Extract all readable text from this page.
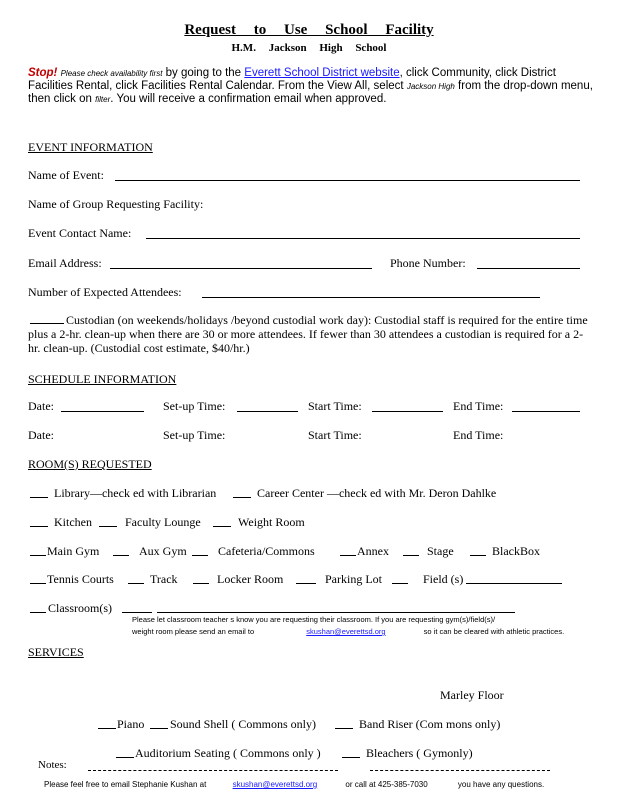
Request to Use School Facility
H.M. Jackson High School
Stop! Please check availability first by going to the Everett School District website, click Community, click District Facilities Rental, click Facilities Rental Calendar. From the View All, select Jackson High from the drop-down menu, then click on filter. You will receive a confirmation email when approved.
EVENT INFORMATION
Name of Event:
Name of Group Requesting Facility:
Event Contact Name:
Email Address:	Phone Number:
Number of Expected Attendees:
Custodian (on weekends/holidays /beyond custodial work day): Custodial staff is required for the entire time plus a 2-hr. clean-up when there are 30 or more attendees. If fewer than 30 attendees a custodian is required for a 2-hr. clean-up. (Custodial cost estimate, $40/hr.)
SCHEDULE INFORMATION
Date:	Set-up Time:	Start Time:	End Time:
Date:	Set-up Time:	Start Time:	End Time:
ROOM(S) REQUESTED
Library—check ed with Librarian	Career Center —check ed with Mr. Deron Dahlke
Kitchen	Faculty Lounge	Weight Room
Main Gym	Aux Gym	Cafeteria/Commons	Annex	Stage	BlackBox
Tennis Courts	Track	Locker Room	Parking Lot	Field (s)
Classroom(s)
Please let classroom teacher s know you are requesting their classroom. If you are requesting gym(s)/field(s)/
weight room please send an email to	skushan@everettsd.org	so it can be cleared with athletic practices.
SERVICES
Marley Floor
Piano Sound Shell ( Commons only)	Band Riser (Com mons only)
Auditorium Seating ( Commons only )	Bleachers ( Gymonly)
Notes:
Please feel free to email Stephanie Kushan at	skushan@everettsd.org	or call at 425-385-7030	you have any questions.
